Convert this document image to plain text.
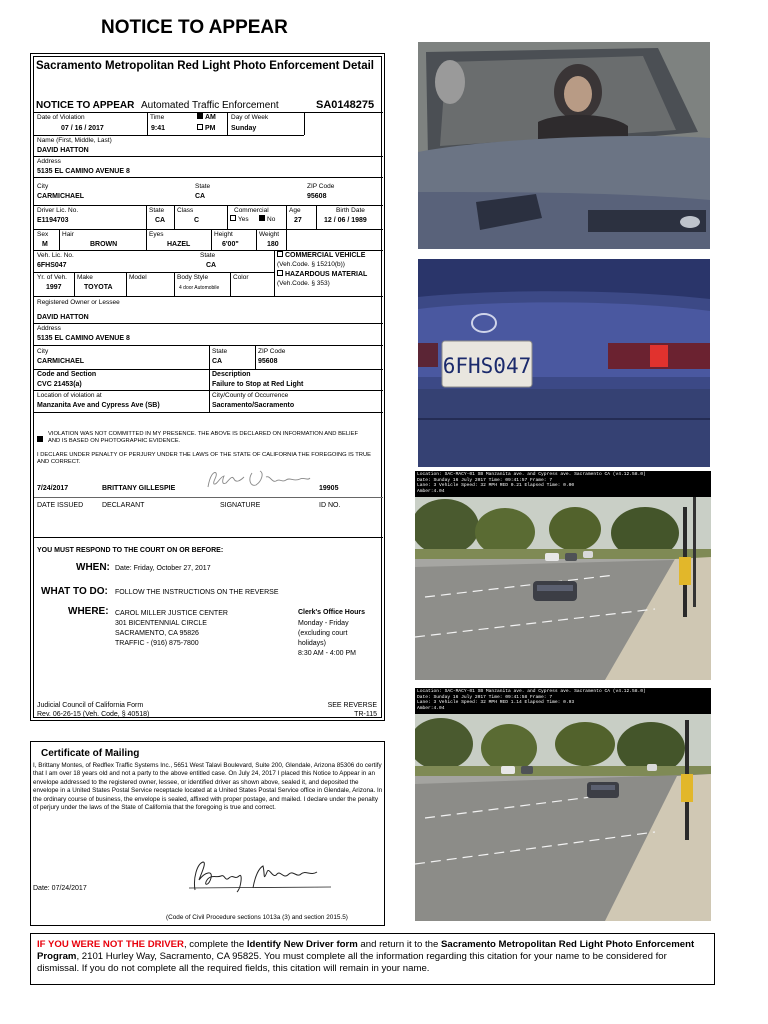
NOTICE TO APPEAR
Sacramento Metropolitan Red Light Photo Enforcement Detail
NOTICE TO APPEAR Automated Traffic Enforcement	SA0148275
Date of Violation
07 / 16 / 2017
Time
9:41
AM
PM
Day of Week
Sunday
Name (First, Middle, Last)
DAVID HATTON
Address
5135 EL CAMINO AVENUE 8
City
CARMICHAEL
State
CA
ZIP Code
95608
Driver Lic. No.
E1194703
State
CA
Class
C
Commercial
Yes	No
Age
27
Birth Date
12 / 06 / 1989
Sex
M
Hair
BROWN
Eyes
HAZEL
Height
6'00"
Weight
180
Veh. Lic. No.
6FHS047
State
CA
COMMERCIAL VEHICLE
(Veh.Code. § 15210(b))
HAZARDOUS MATERIAL
(Veh.Code. § 353)
Yr. of Veh.
1997
Make
TOYOTA
Model	Body Style
4 door Automobile
Color
Registered Owner or Lessee
DAVID HATTON
Address
5135 EL CAMINO AVENUE 8
City
CARMICHAEL
State
CA
ZIP Code
95608
Code and Section
CVC 21453(a)
Description
Failure to Stop at Red Light
Location of violation at
Manzanita Ave and Cypress Ave (SB)
City/County of Occurrence
Sacramento/Sacramento
VIOLATION WAS NOT COMMITTED IN MY PRESENCE. THE ABOVE IS DECLARED ON INFORMATION AND BELIEF AND IS BASED ON PHOTOGRAPHIC EVIDENCE.
I DECLARE UNDER PENALTY OF PERJURY UNDER THE LAWS OF THE STATE OF CALIFORNIA THE FOREGOING IS TRUE AND CORRECT.
7/24/2017	BRITTANY GILLESPIE	19905
DATE ISSUED	DECLARANT	SIGNATURE	ID NO.
YOU MUST RESPOND TO THE COURT ON OR BEFORE:
WHEN: Date: Friday, October 27, 2017
WHAT TO DO: FOLLOW THE INSTRUCTIONS ON THE REVERSE
WHERE: CAROL MILLER JUSTICE CENTER
301 BICENTENNIAL CIRCLE
SACRAMENTO, CA 95826
TRAFFIC - (916) 875-7800
Clerk's Office Hours
Monday - Friday
(excluding court
holidays)
8:30 AM - 4:00 PM
Judicial Council of California Form
Rev. 06-26-15 (Veh. Code, § 40518)
SEE REVERSE
TR-115
Certificate of Mailing
I, Brittany Montes, of Redflex Traffic Systems Inc., 5651 West Talavi Boulevard, Suite 200, Glendale, Arizona 85306 do certify that I am over 18 years old and not a party to the above entitled case. On July 24, 2017 I placed this Notice to Appear in an envelope addressed to the registered owner, lessee, or identified driver as shown above, sealed it, and deposited the envelope in a United States Postal Service receptacle located at a United States Postal Service office in Glendale, Arizona. In the ordinary course of business, the envelope is sealed, affixed with proper postage, and mailed. I declare under the penalty of perjury under the laws of the State of California that the foregoing is true and correct.
Date: 07/24/2017
(Code of Civil Procedure sections 1013a (3) and section 2015.5)
IF YOU WERE NOT THE DRIVER, complete the Identify New Driver form and return it to the Sacramento Metropolitan Red Light Photo Enforcement Program, 2101 Hurley Way, Sacramento, CA 95825. You must complete all the information regarding this citation for your name to be considered for dismissal. If you do not complete all the required fields, this citation will remain in your name.
6FHS047
Location: SAC-MACY-01 SB Manzanita ave. and Cypress ave. Sacramento CA (v4.12.58.0)
Date: Sunday 16 July 2017 Time: 09:41:57 Frame: 7
Lane: 3 Vehicle Speed: 32 MPH RED 0.21 Elapsed Time: 0.00
Amber:4.04
Location: SAC-MACY-01 SB Manzanita ave. and Cypress ave. Sacramento CA (v4.12.58.0)
Date: Sunday 16 July 2017 Time: 09:41:58 Frame: 7
Lane: 3 Vehicle Speed: 32 MPH RED 1.14 Elapsed Time: 0.93
Amber:4.04
